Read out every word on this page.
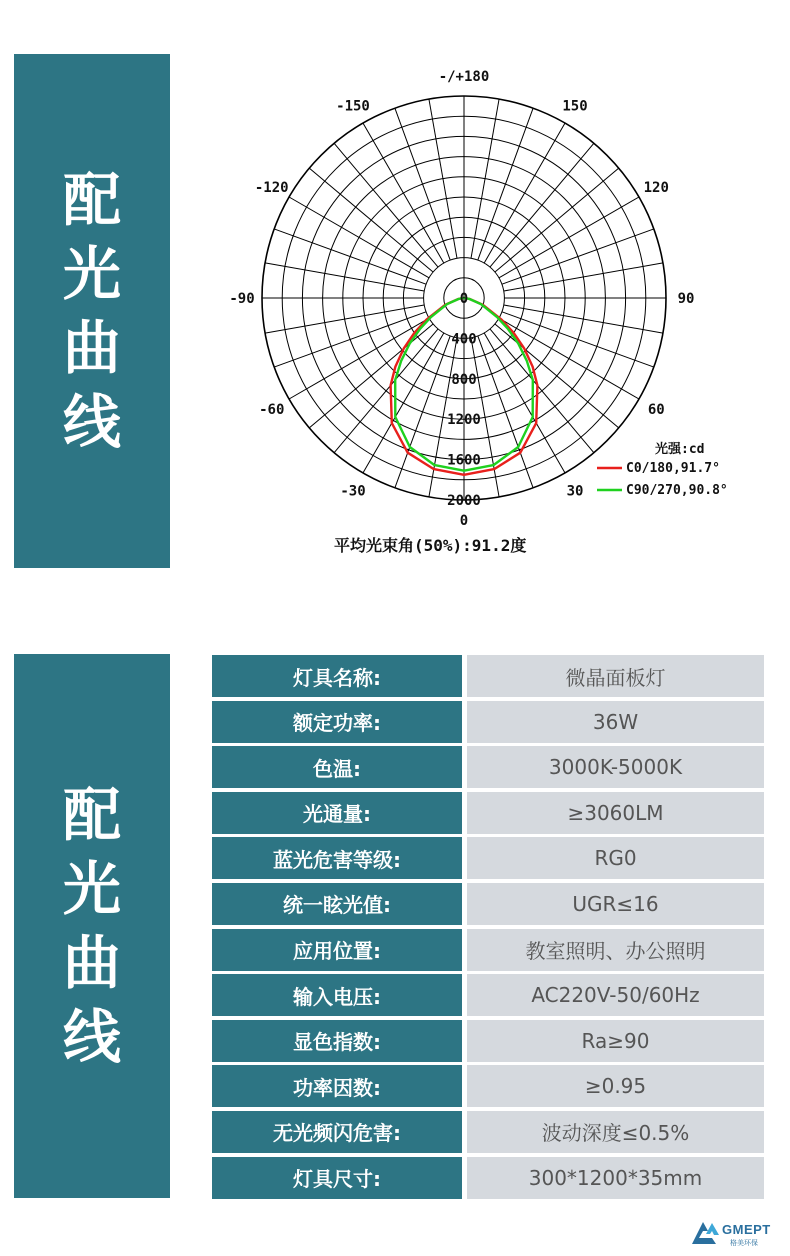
配光曲线
-/+180
150
120
90
60
30
0
-30
-60
-90
-120
-150
0
400
800
1200
1600
2000
光强:cd
C0/180,91.7°
C90/270,90.8°
平均光束角(50%):91.2度
配光曲线
灯具名称:	微晶面板灯
额定功率:	36W
色温:	3000K-5000K
光通量:	≥3060LM
蓝光危害等级:	RG0
统一眩光值:	UGR≤16
应用位置:	教室照明、办公照明
输入电压:	AC220V-50/60Hz
显色指数:	Ra≥90
功率因数:	≥0.95
无光频闪危害:	波动深度≤0.5%
灯具尺寸:	300*1200*35mm
GMEPT
格美环保
